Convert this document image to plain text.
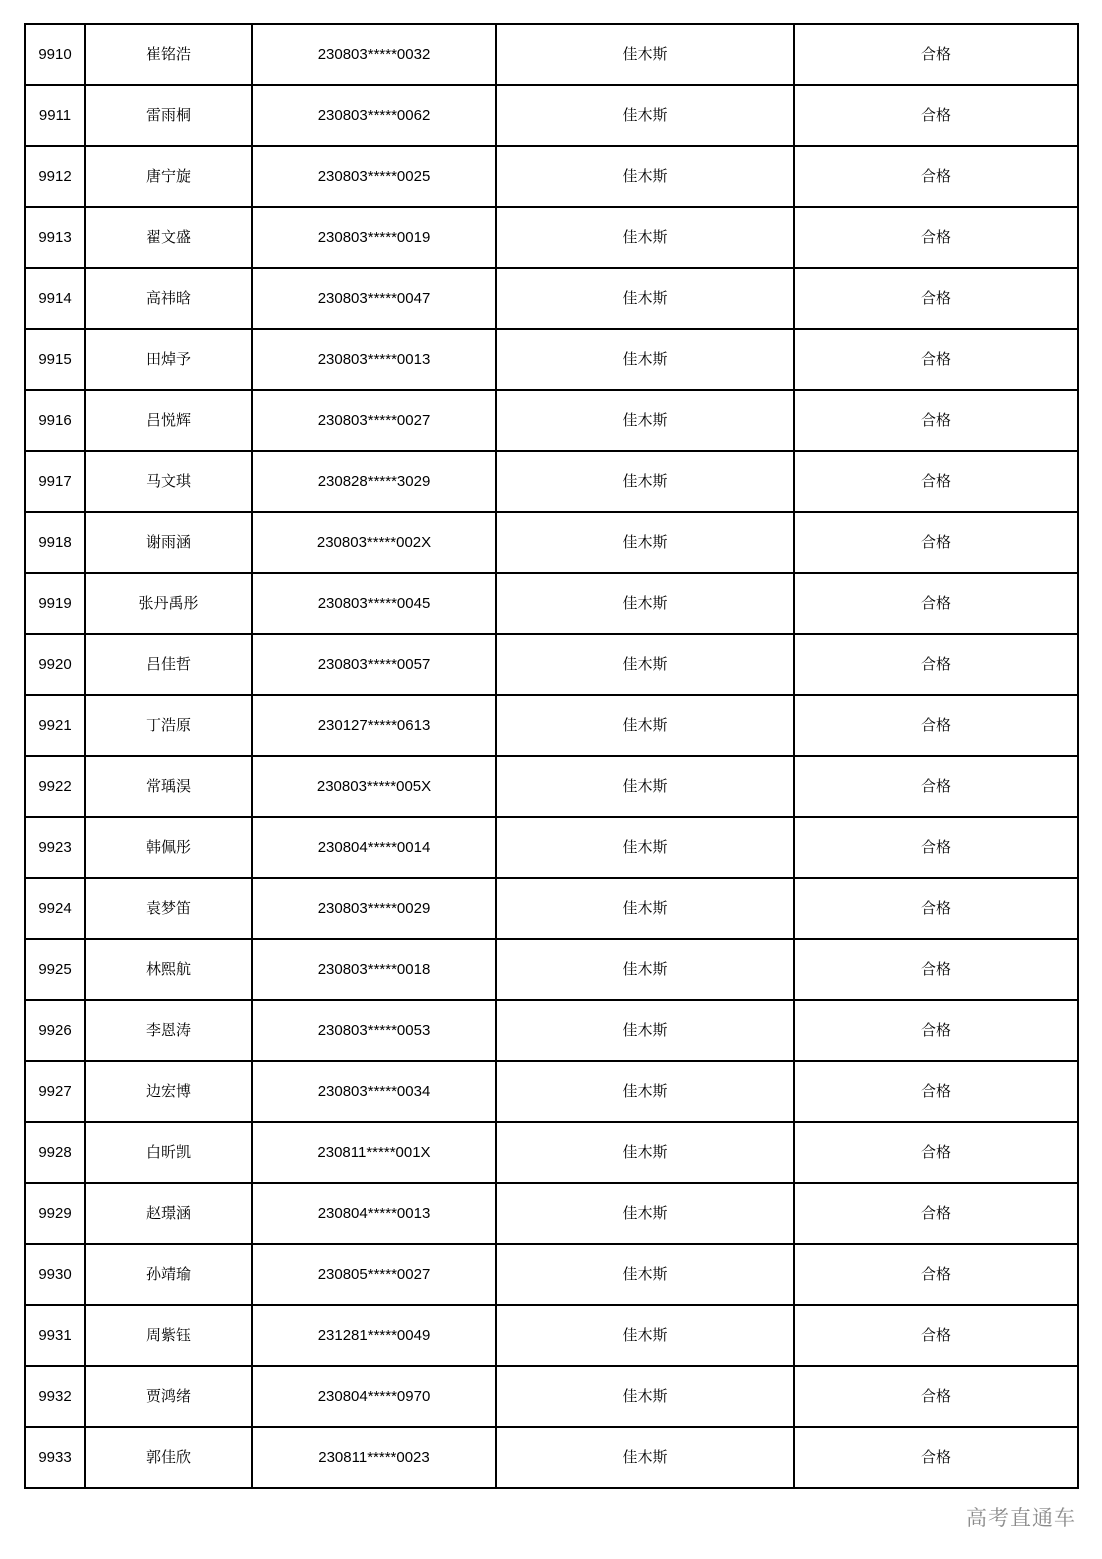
9910	崔铭浩	230803*****0032	佳木斯	合格
9911	雷雨桐	230803*****0062	佳木斯	合格
9912	唐宁旋	230803*****0025	佳木斯	合格
9913	翟文盛	230803*****0019	佳木斯	合格
9914	高祎晗	230803*****0047	佳木斯	合格
9915	田焯予	230803*****0013	佳木斯	合格
9916	吕悦辉	230803*****0027	佳木斯	合格
9917	马文琪	230828*****3029	佳木斯	合格
9918	谢雨涵	230803*****002X	佳木斯	合格
9919	张丹禹彤	230803*****0045	佳木斯	合格
9920	吕佳哲	230803*****0057	佳木斯	合格
9921	丁浩原	230127*****0613	佳木斯	合格
9922	常瑀淏	230803*****005X	佳木斯	合格
9923	韩佩彤	230804*****0014	佳木斯	合格
9924	袁梦笛	230803*****0029	佳木斯	合格
9925	林熙航	230803*****0018	佳木斯	合格
9926	李恩涛	230803*****0053	佳木斯	合格
9927	边宏博	230803*****0034	佳木斯	合格
9928	白昕凯	230811*****001X	佳木斯	合格
9929	赵璟涵	230804*****0013	佳木斯	合格
9930	孙靖瑜	230805*****0027	佳木斯	合格
9931	周紫钰	231281*****0049	佳木斯	合格
9932	贾鸿绪	230804*****0970	佳木斯	合格
9933	郭佳欣	230811*****0023	佳木斯	合格
高考直通车
